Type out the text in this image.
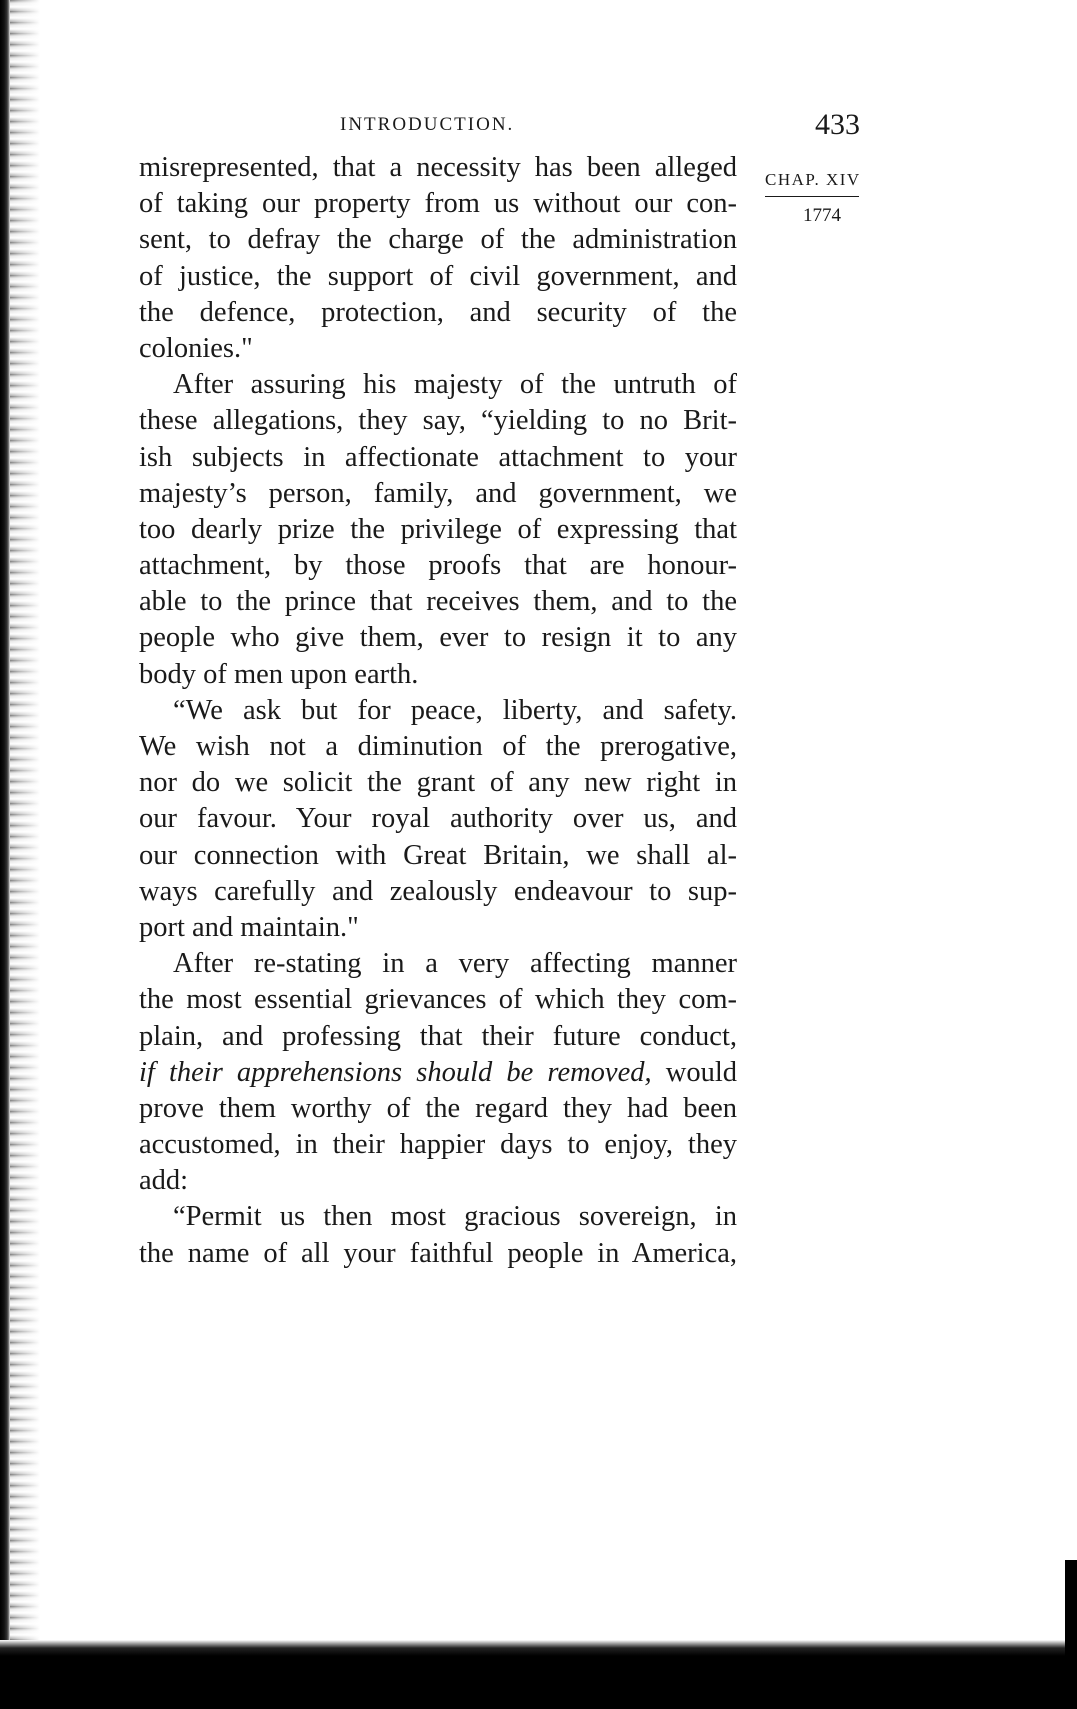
INTRODUCTION.	433
CHAP. XIV
1774
misrepresented, that a necessity has been alleged
of taking our property from us without our con-
sent, to defray the charge of the administration
of justice, the support of civil government, and
the defence, protection, and security of the
colonies."
After assuring his majesty of the untruth of
these allegations, they say, “yielding to no Brit-
ish subjects in affectionate attachment to your
majesty’s person, family, and government, we
too dearly prize the privilege of expressing that
attachment, by those proofs that are honour-
able to the prince that receives them, and to the
people who give them, ever to resign it to any
body of men upon earth.
“We ask but for peace, liberty, and safety.
We wish not a diminution of the prerogative,
nor do we solicit the grant of any new right in
our favour. Your royal authority over us, and
our connection with Great Britain, we shall al-
ways carefully and zealously endeavour to sup-
port and maintain."
After re-stating in a very affecting manner
the most essential grievances of which they com-
plain, and professing that their future conduct,
if their apprehensions should be removed, would
prove them worthy of the regard they had been
accustomed, in their happier days to enjoy, they
add:
“Permit us then most gracious sovereign, in
the name of all your faithful people in America,
